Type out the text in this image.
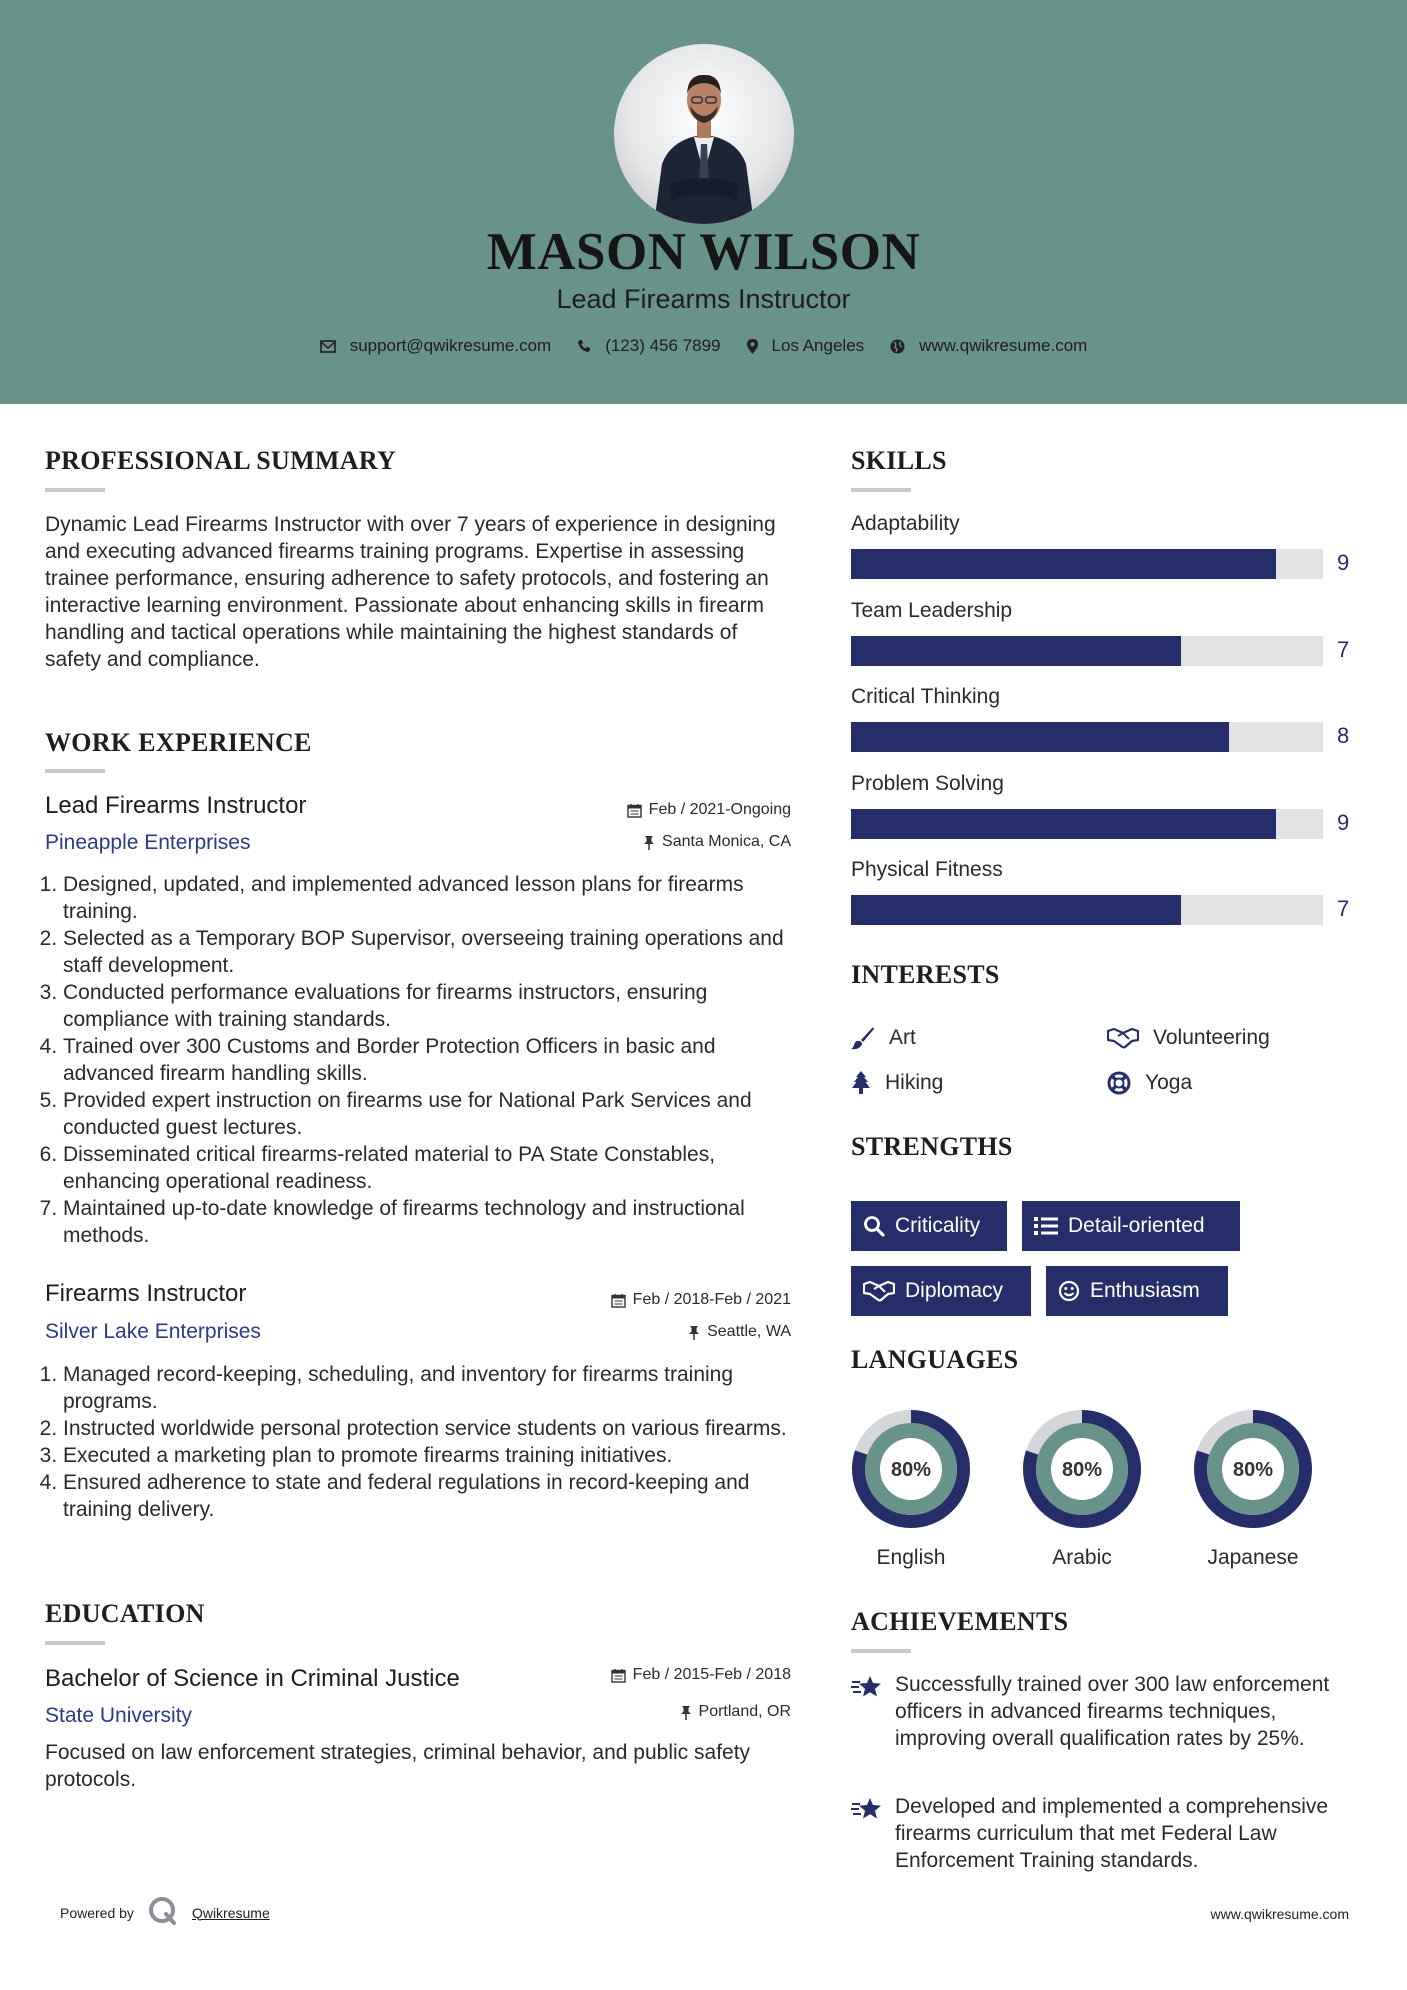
MASON WILSON
Lead Firearms Instructor
support@qwikresume.com	(123) 456 7899	Los Angeles	www.qwikresume.com
PROFESSIONAL SUMMARY
Dynamic Lead Firearms Instructor with over 7 years of experience in designing and executing advanced firearms training programs. Expertise in assessing trainee performance, ensuring adherence to safety protocols, and fostering an interactive learning environment. Passionate about enhancing skills in firearm handling and tactical operations while maintaining the highest standards of safety and compliance.
WORK EXPERIENCE
Lead Firearms Instructor	Feb / 2021-Ongoing
Pineapple Enterprises	Santa Monica, CA
1. Designed, updated, and implemented advanced lesson plans for firearms training.
2. Selected as a Temporary BOP Supervisor, overseeing training operations and staff development.
3. Conducted performance evaluations for firearms instructors, ensuring compliance with training standards.
4. Trained over 300 Customs and Border Protection Officers in basic and advanced firearm handling skills.
5. Provided expert instruction on firearms use for National Park Services and conducted guest lectures.
6. Disseminated critical firearms-related material to PA State Constables, enhancing operational readiness.
7. Maintained up-to-date knowledge of firearms technology and instructional methods.
Firearms Instructor	Feb / 2018-Feb / 2021
Silver Lake Enterprises	Seattle, WA
1. Managed record-keeping, scheduling, and inventory for firearms training programs.
2. Instructed worldwide personal protection service students on various firearms.
3. Executed a marketing plan to promote firearms training initiatives.
4. Ensured adherence to state and federal regulations in record-keeping and training delivery.
EDUCATION
Bachelor of Science in Criminal Justice	Feb / 2015-Feb / 2018
State University	Portland, OR
Focused on law enforcement strategies, criminal behavior, and public safety protocols.
SKILLS
Adaptability
9
Team Leadership
7
Critical Thinking
8
Problem Solving
9
Physical Fitness
7
INTERESTS
Art	Volunteering
Hiking	Yoga
STRENGTHS
Criticality	Detail-oriented
Diplomacy	Enthusiasm
LANGUAGES
80%
English
80%
Arabic
80%
Japanese
ACHIEVEMENTS
Successfully trained over 300 law enforcement officers in advanced firearms techniques, improving overall qualification rates by 25%.
Developed and implemented a comprehensive firearms curriculum that met Federal Law Enforcement Training standards.
Powered by	Qwikresume	www.qwikresume.com
